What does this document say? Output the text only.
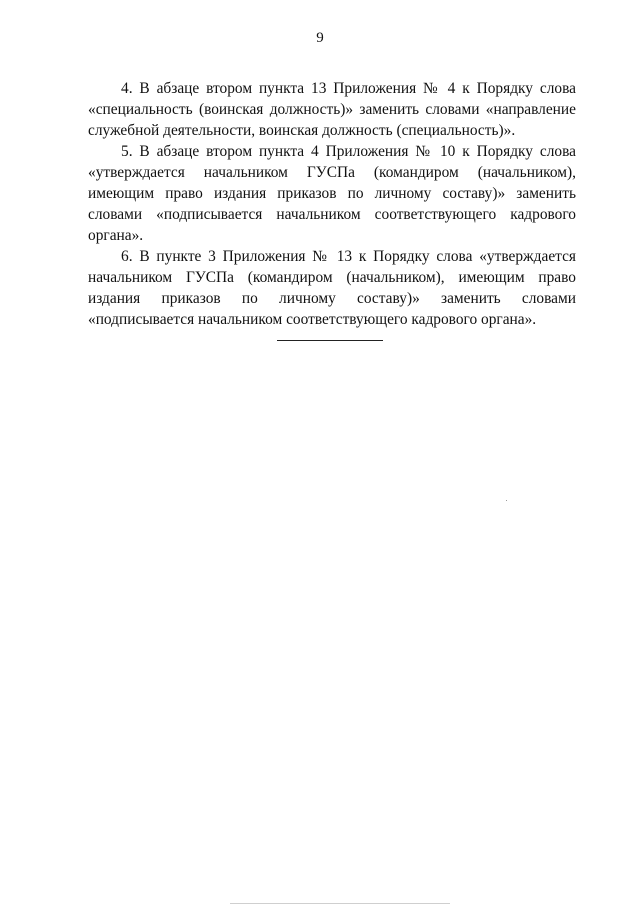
9

4. В абзаце втором пункта 13 Приложения № 4 к Порядку слова «специальность (воинская должность)» заменить словами «направление служебной деятельности, воинская должность (специальность)».

5. В абзаце втором пункта 4 Приложения № 10 к Порядку слова «утверждается начальником ГУСПа (командиром (начальником), имеющим право издания приказов по личному составу)» заменить словами «подписывается начальником соответствующего кадрового органа».

6. В пункте 3 Приложения № 13 к Порядку слова «утверждается начальником ГУСПа (командиром (начальником), имеющим право издания приказов по личному составу)» заменить словами «подписывается начальником соответствующего кадрового органа».
